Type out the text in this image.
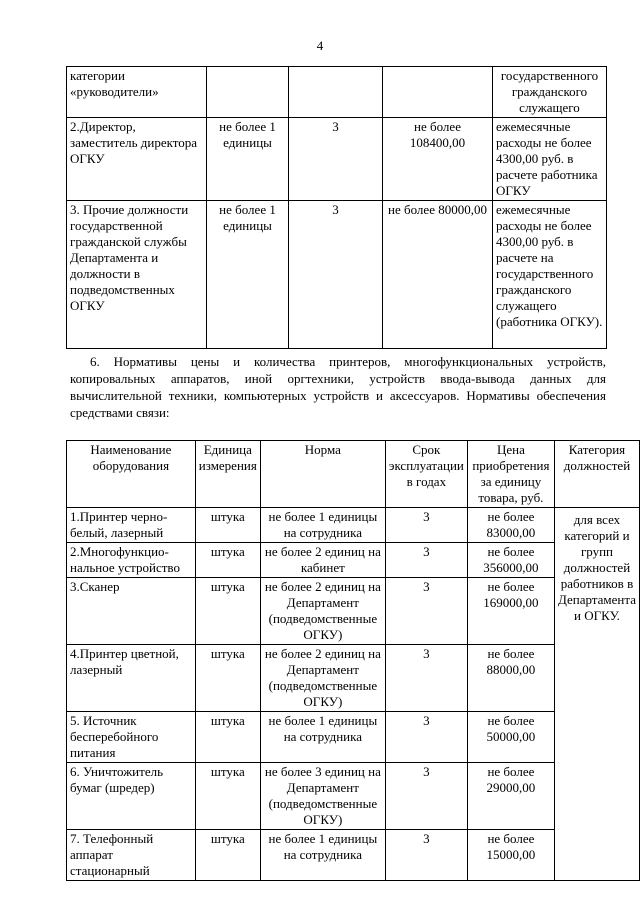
4
категории «руководители»				государственного гражданского служащего
2.Директор, заместитель директора ОГКУ	не более 1 единицы	3	не более 108400,00	ежемесячные расходы не более 4300,00 руб. в расчете работника ОГКУ
3. Прочие должности государственной гражданской службы Департамента и должности в подведомственных ОГКУ	не более 1 единицы	3	не более 80000,00	ежемесячные расходы не более 4300,00 руб. в расчете на государственного гражданского служащего (работника ОГКУ).
6. Нормативы цены и количества принтеров, многофункциональных устройств, копировальных аппаратов, иной оргтехники, устройств ввода-вывода данных для вычислительной техники, компьютерных устройств и аксессуаров. Нормативы обеспечения средствами связи:
Наименование оборудования	Единица измерения	Норма	Срок эксплуатации в годах	Цена приобретения за единицу товара, руб.	Категория должностей
1.Принтер черно-белый, лазерный	штука	не более 1 единицы на сотрудника	3	не более 83000,00	для всех категорий и групп должностей работников в Департамента и ОГКУ.
2.Многофункцио-нальное устройство	штука	не более 2 единиц на кабинет	3	не более 356000,00	
3.Сканер	штука	не более 2 единиц на Департамент (подведомственные ОГКУ)	3	не более 169000,00	
4.Принтер цветной, лазерный	штука	не более 2 единиц на Департамент (подведомственные ОГКУ)	3	не более 88000,00	
5. Источник бесперебойного питания	штука	не более 1 единицы на сотрудника	3	не более 50000,00	
6. Уничтожитель бумаг (шредер)	штука	не более 3 единиц на Департамент (подведомственные ОГКУ)	3	не более 29000,00	
7. Телефонный аппарат стационарный	штука	не более 1 единицы на сотрудника	3	не более 15000,00	
